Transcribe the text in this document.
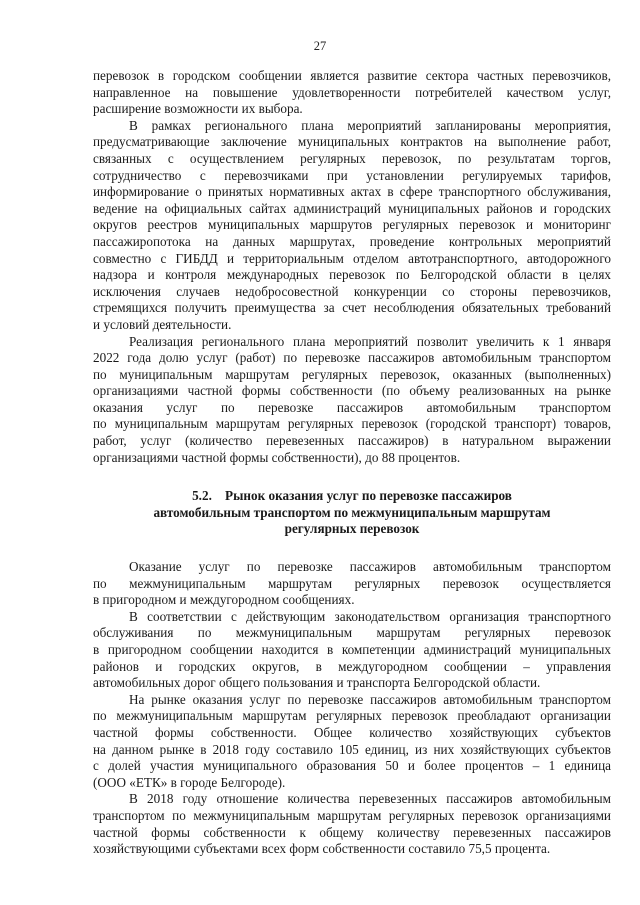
27
перевозок в городском сообщении является развитие сектора частных перевозчиков,
направленное на повышение удовлетворенности потребителей качеством услуг,
расширение возможности их выбора.
В рамках регионального плана мероприятий запланированы мероприятия,
предусматривающие заключение муниципальных контрактов на выполнение работ,
связанных с осуществлением регулярных перевозок, по результатам торгов,
сотрудничество с перевозчиками при установлении регулируемых тарифов,
информирование о принятых нормативных актах в сфере транспортного обслуживания,
ведение на официальных сайтах администраций муниципальных районов и городских
округов реестров муниципальных маршрутов регулярных перевозок и мониторинг
пассажиропотока на данных маршрутах, проведение контрольных мероприятий
совместно с ГИБДД и территориальным отделом автотранспортного, автодорожного
надзора и контроля международных перевозок по Белгородской области в целях
исключения случаев недобросовестной конкуренции со стороны перевозчиков,
стремящихся получить преимущества за счет несоблюдения обязательных требований
и условий деятельности.
Реализация регионального плана мероприятий позволит увеличить к 1 января
2022 года долю услуг (работ) по перевозке пассажиров автомобильным транспортом
по муниципальным маршрутам регулярных перевозок, оказанных (выполненных)
организациями частной формы собственности (по объему реализованных на рынке
оказания услуг по перевозке пассажиров автомобильным транспортом
по муниципальным маршрутам регулярных перевозок (городской транспорт) товаров,
работ, услуг (количество перевезенных пассажиров) в натуральном выражении
организациями частной формы собственности), до 88 процентов.
5.2.    Рынок оказания услуг по перевозке пассажиров
автомобильным транспортом по межмуниципальным маршрутам
регулярных перевозок
Оказание услуг по перевозке пассажиров автомобильным транспортом
по межмуниципальным маршрутам регулярных перевозок осуществляется
в пригородном и междугородном сообщениях.
В соответствии с действующим законодательством организация транспортного
обслуживания по межмуниципальным маршрутам регулярных перевозок
в пригородном сообщении находится в компетенции администраций муниципальных
районов и городских округов, в междугородном сообщении – управления
автомобильных дорог общего пользования и транспорта Белгородской области.
На рынке оказания услуг по перевозке пассажиров автомобильным транспортом
по межмуниципальным маршрутам регулярных перевозок преобладают организации
частной формы собственности. Общее количество хозяйствующих субъектов
на данном рынке в 2018 году составило 105 единиц, из них хозяйствующих субъектов
с долей участия муниципального образования 50 и более процентов – 1 единица
(ООО «ЕТК» в городе Белгороде).
В 2018 году отношение количества перевезенных пассажиров автомобильным
транспортом по межмуниципальным маршрутам регулярных перевозок организациями
частной формы собственности к общему количеству перевезенных пассажиров
хозяйствующими субъектами всех форм собственности составило 75,5 процента.
